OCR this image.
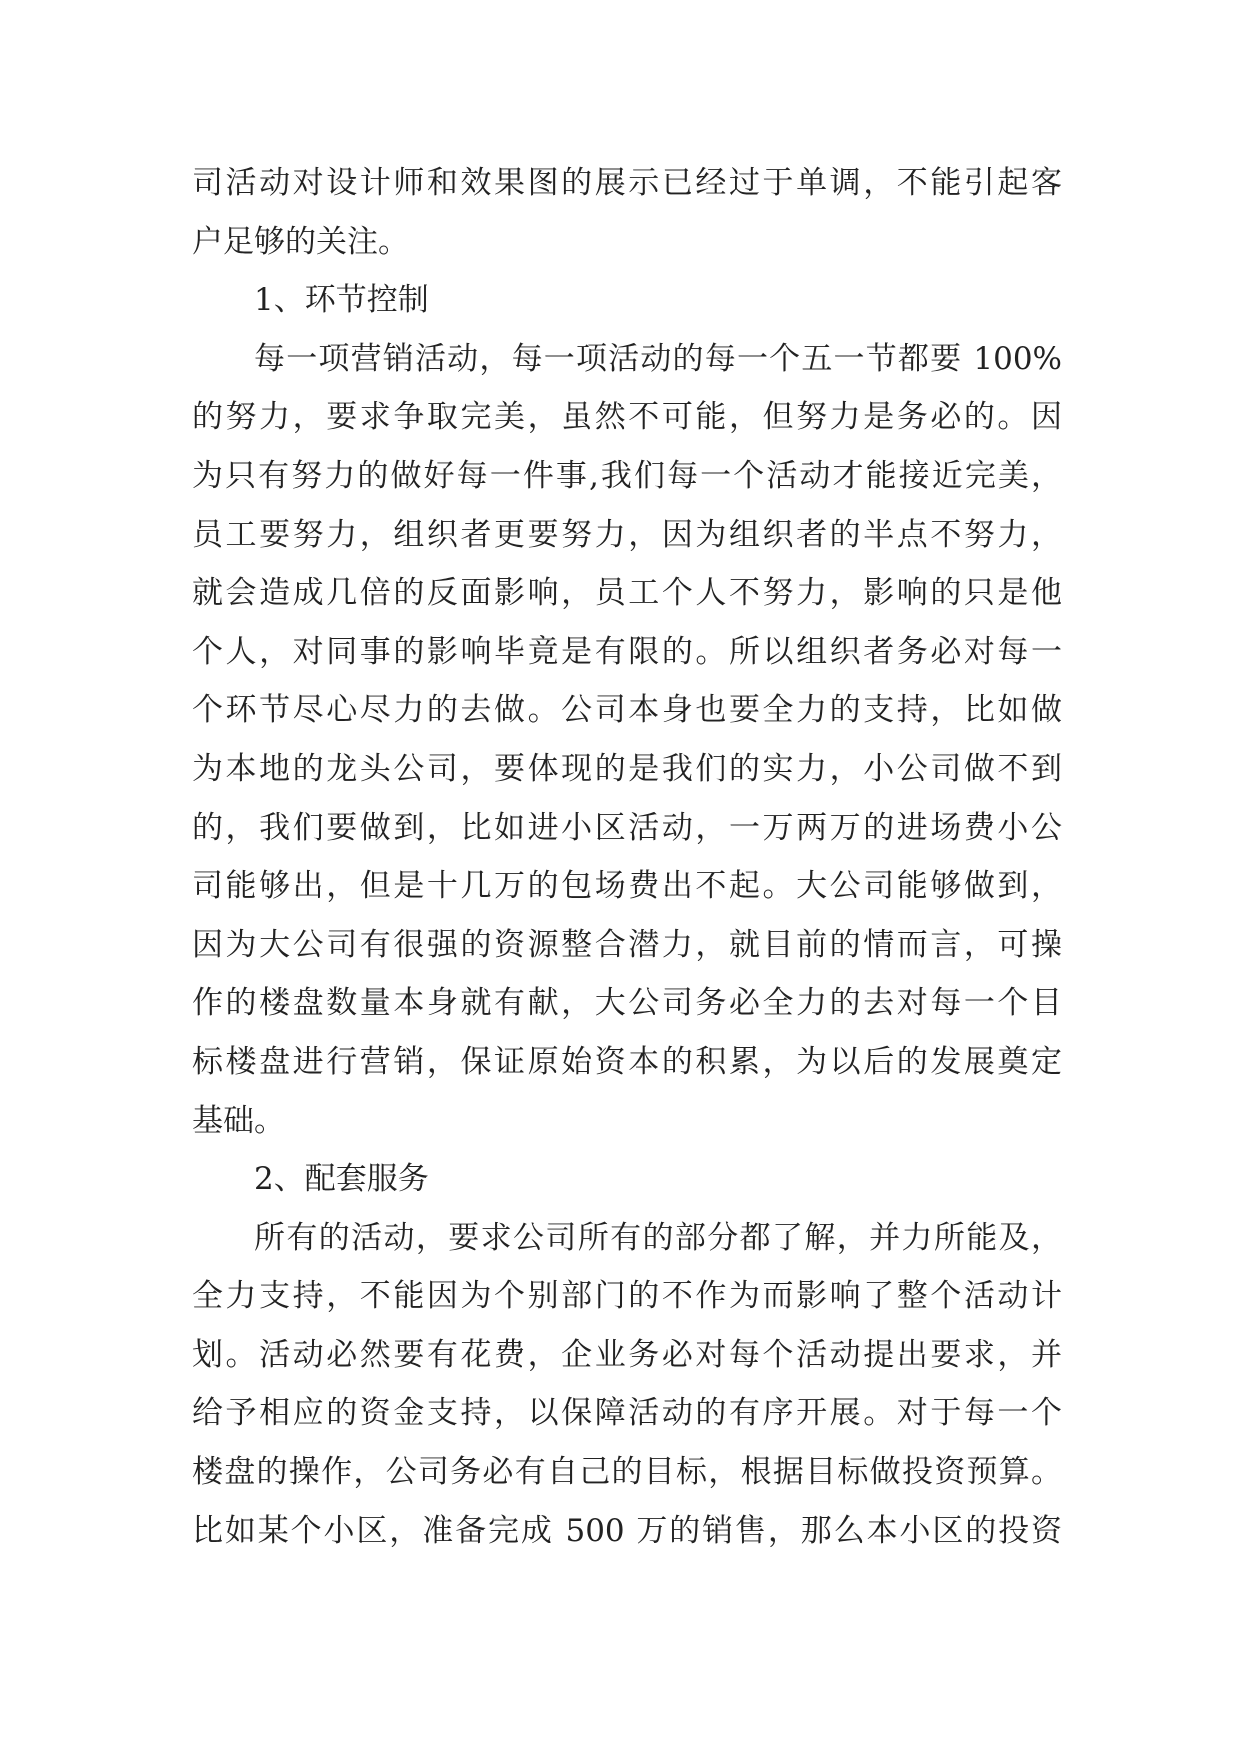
司活动对设计师和效果图的展示已经过于单调，不能引起客
户足够的关注。
1、环节控制
每一项营销活动，每一项活动的每一个五一节都要 100%
的努力，要求争取完美，虽然不可能，但努力是务必的。因
为只有努力的做好每一件事,我们每一个活动才能接近完美，
员工要努力，组织者更要努力，因为组织者的半点不努力，
就会造成几倍的反面影响，员工个人不努力，影响的只是他
个人，对同事的影响毕竟是有限的。所以组织者务必对每一
个环节尽心尽力的去做。公司本身也要全力的支持，比如做
为本地的龙头公司，要体现的是我们的实力，小公司做不到
的，我们要做到，比如进小区活动，一万两万的进场费小公
司能够出，但是十几万的包场费出不起。大公司能够做到，
因为大公司有很强的资源整合潜力，就目前的情而言，可操
作的楼盘数量本身就有献，大公司务必全力的去对每一个目
标楼盘进行营销，保证原始资本的积累，为以后的发展奠定
基础。
2、配套服务
所有的活动，要求公司所有的部分都了解，并力所能及，
全力支持，不能因为个别部门的不作为而影响了整个活动计
划。活动必然要有花费，企业务必对每个活动提出要求，并
给予相应的资金支持，以保障活动的有序开展。对于每一个
楼盘的操作，公司务必有自己的目标，根据目标做投资预算。
比如某个小区，准备完成 500 万的销售，那么本小区的投资
